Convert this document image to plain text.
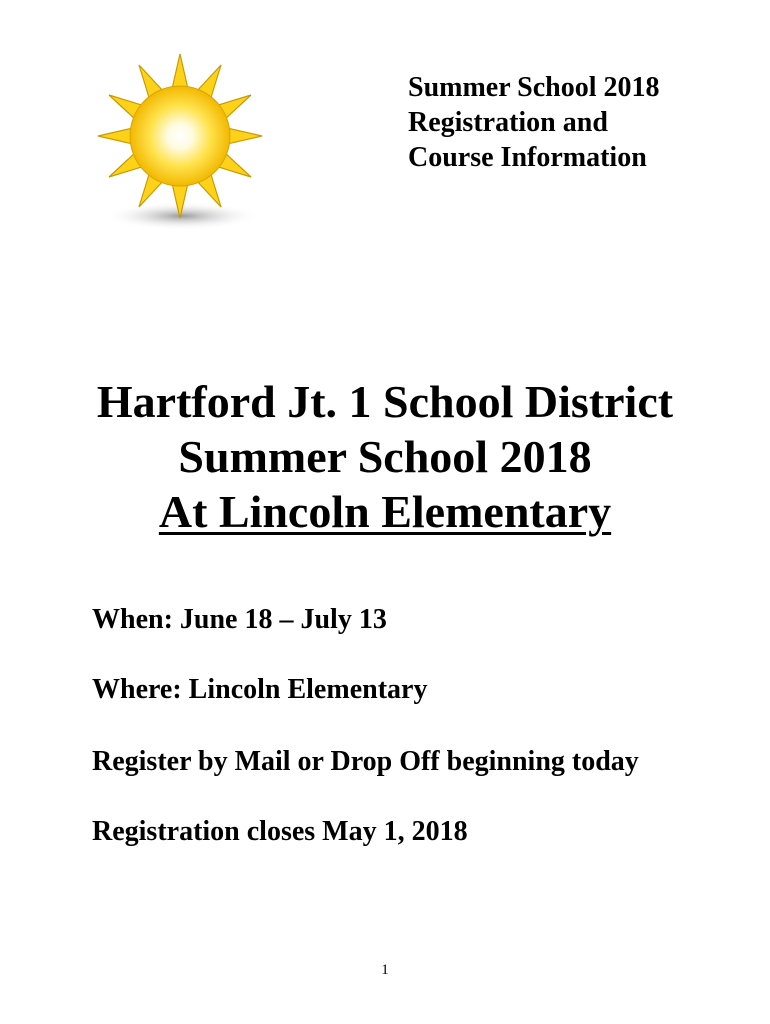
Summer School 2018
Registration and
Course Information
Hartford Jt. 1 School District
Summer School 2018
At Lincoln Elementary
When: June 18 – July 13
Where: Lincoln Elementary
Register by Mail or Drop Off beginning today
Registration closes May 1, 2018
1
